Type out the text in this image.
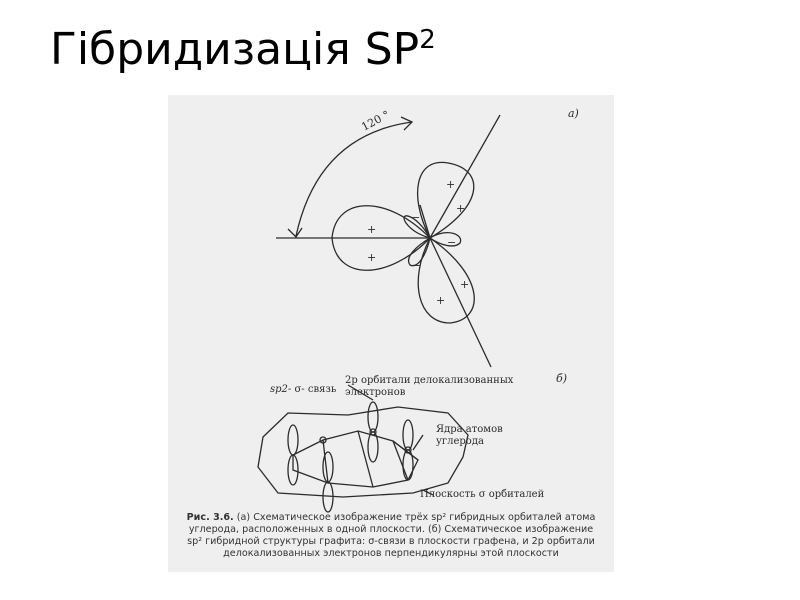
Гібридизація $SP^2$
a)
120 °
б)
+
+
+
+
+
+
−
−
−
2p орбитали делокализованных
электронов
sp2- σ- связь
Ядра атомов
углерода
Плоскость σ орбиталей
Рис. 3.6. (a) Схематическое изображение трёх sp² гибридных орбиталей атома
углерода, расположенных в одной плоскости. (б) Схематическое изображение
sp² гибридной структуры графита: σ-связи в плоскости графена, и 2p орбитали
делокализованных электронов перпендикулярны этой плоскости
